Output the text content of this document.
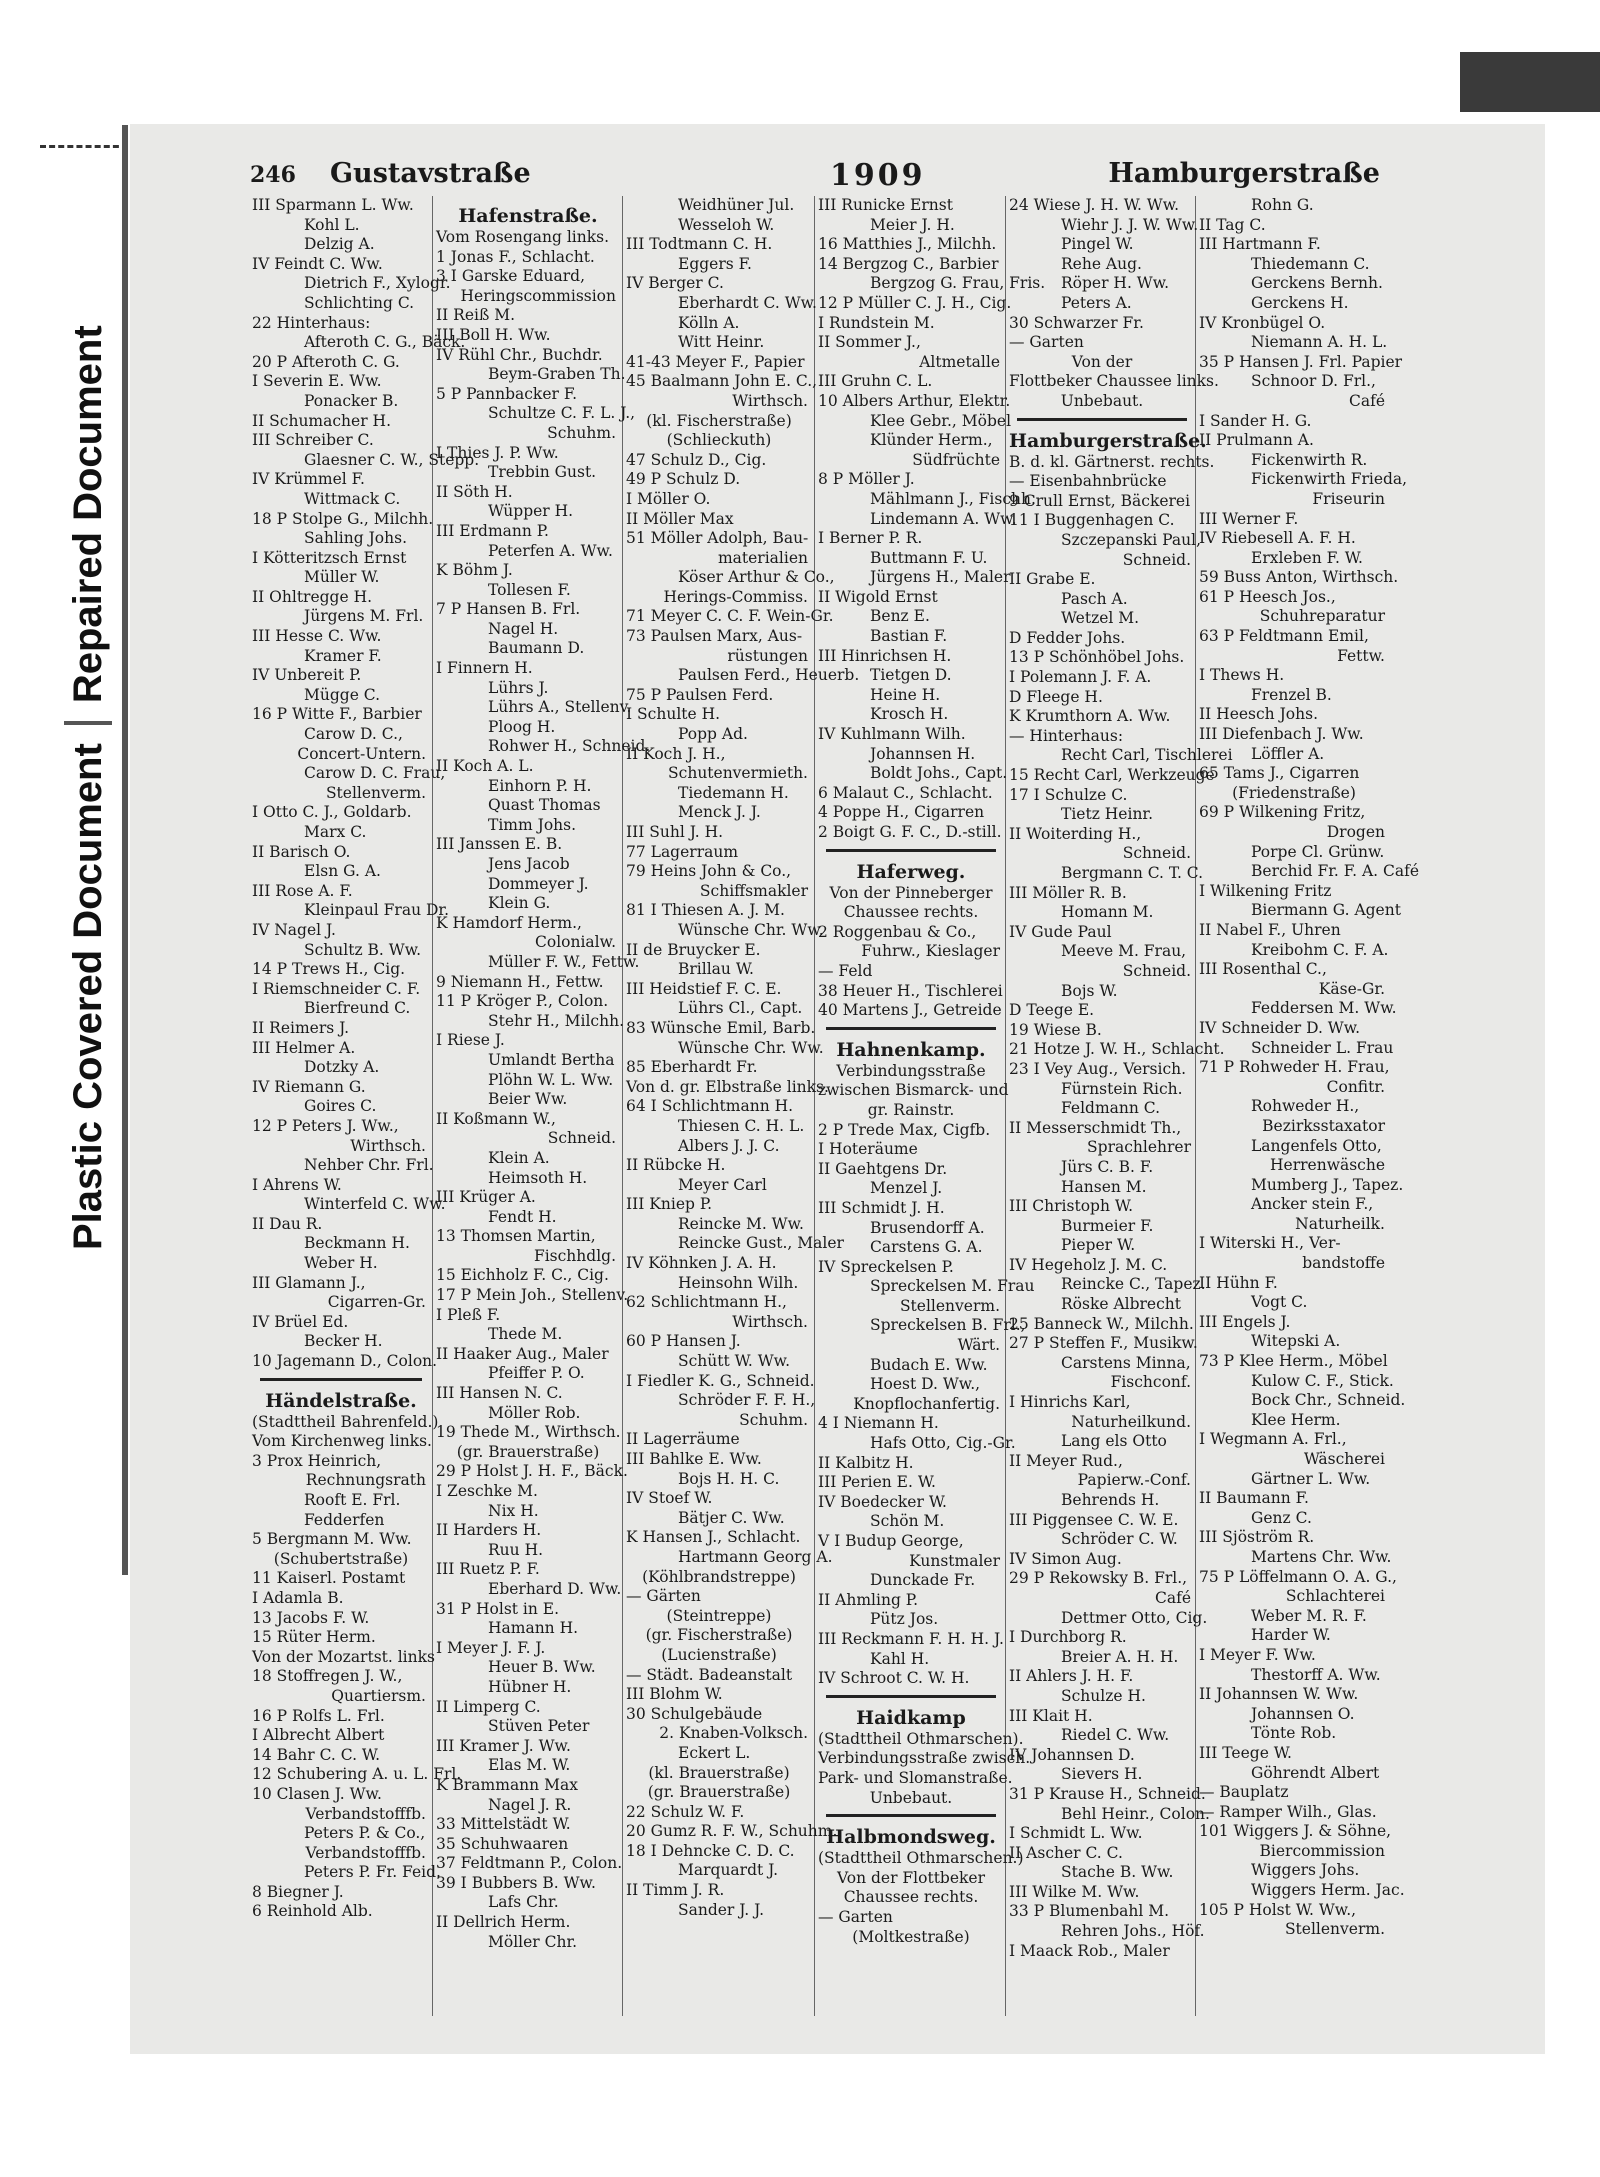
Plastic Covered Document
Repaired Document
246 Gustavstraße	1909	Hamburgerstraße
III Sparmann L. Ww.
Kohl L.
Delzig A.
IV Feindt C. Ww.
Dietrich F., Xylogr.
Schlichting C.
22 Hinterhaus:
Afteroth C. G., Bäck.
20 P Afteroth C. G.
I Severin E. Ww.
Ponacker B.
II Schumacher H.
III Schreiber C.
Glaesner C. W., Stepp.
IV Krümmel F.
Wittmack C.
18 P Stolpe G., Milchh.
Sahling Johs.
I Kötteritzsch Ernst
Müller W.
II Ohltregge H.
Jürgens M. Frl.
III Hesse C. Ww.
Kramer F.
IV Unbereit P.
Mügge C.
16 P Witte F., Barbier
Carow D. C.,
Concert-Untern.
Carow D. C. Frau,
Stellenverm.
I Otto C. J., Goldarb.
Marx C.
II Barisch O.
Elsn G. A.
III Rose A. F.
Kleinpaul Frau Dr.
IV Nagel J.
Schultz B. Ww.
14 P Trews H., Cig.
I Riemschneider C. F.
Bierfreund C.
II Reimers J.
III Helmer A.
Dotzky A.
IV Riemann G.
Goires C.
12 P Peters J. Ww.,
Wirthsch.
Nehber Chr. Frl.
I Ahrens W.
Winterfeld C. Ww.
II Dau R.
Beckmann H.
Weber H.
III Glamann J.,
Cigarren-Gr.
IV Brüel Ed.
Becker H.
10 Jagemann D., Colon.
Händelstraße.
(Stadttheil Bahrenfeld.)
Vom Kirchenweg links.
3 Prox Heinrich,
Rechnungsrath
Rooft E. Frl.
Fedderfen
5 Bergmann M. Ww.
(Schubertstraße)
11 Kaiserl. Postamt
I Adamla B.
13 Jacobs F. W.
15 Rüter Herm.
Von der Mozartst. links
18 Stoffregen J. W.,
Quartiersm.
16 P Rolfs L. Frl.
I Albrecht Albert
14 Bahr C. C. W.
12 Schubering A. u. L. Frl.
10 Clasen J. Ww.
Verbandstofffb.
Peters P. & Co.,
Verbandstofffb.
Peters P. Fr. Feid.
8 Biegner J.
6 Reinhold Alb.
Hafenstraße.
Vom Rosengang links.
1 Jonas F., Schlacht.
3 I Garske Eduard,
Heringscommission
II Reiß M.
III Boll H. Ww.
IV Rühl Chr., Buchdr.
Beym-Graben Th.
5 P Pannbacker F.
Schultze C. F. L. J.,
Schuhm.
I Thies J. P. Ww.
Trebbin Gust.
II Söth H.
Wüpper H.
III Erdmann P.
Peterfen A. Ww.
K Böhm J.
Tollesen F.
7 P Hansen B. Frl.
Nagel H.
Baumann D.
I Finnern H.
Lührs J.
Lührs A., Stellenv.
Ploog H.
Rohwer H., Schneid.
II Koch A. L.
Einhorn P. H.
Quast Thomas
Timm Johs.
III Janssen E. B.
Jens Jacob
Dommeyer J.
Klein G.
K Hamdorf Herm.,
Colonialw.
Müller F. W., Fettw.
9 Niemann H., Fettw.
11 P Kröger P., Colon.
Stehr H., Milchh.
I Riese J.
Umlandt Bertha
Plöhn W. L. Ww.
Beier Ww.
II Koßmann W.,
Schneid.
Klein A.
Heimsoth H.
III Krüger A.
Fendt H.
13 Thomsen Martin,
Fischhdlg.
15 Eichholz F. C., Cig.
17 P Mein Joh., Stellenv.
I Pleß F.
Thede M.
II Haaker Aug., Maler
Pfeiffer P. O.
III Hansen N. C.
Möller Rob.
19 Thede M., Wirthsch.
(gr. Brauerstraße)
29 P Holst J. H. F., Bäck.
I Zeschke M.
Nix H.
II Harders H.
Ruu H.
III Ruetz P. F.
Eberhard D. Ww.
31 P Holst in E.
Hamann H.
I Meyer J. F. J.
Heuer B. Ww.
Hübner H.
II Limperg C.
Stüven Peter
III Kramer J. Ww.
Elas M. W.
K Brammann Max
Nagel J. R.
33 Mittelstädt W.
35 Schuhwaaren
37 Feldtmann P., Colon.
39 I Bubbers B. Ww.
Lafs Chr.
II Dellrich Herm.
Möller Chr.
Weidhüner Jul.
Wesseloh W.
III Todtmann C. H.
Eggers F.
IV Berger C.
Eberhardt C. Ww.
Kölln A.
Witt Heinr.
41-43 Meyer F., Papier
45 Baalmann John E. C.,
Wirthsch.
(kl. Fischerstraße)
(Schlieckuth)
47 Schulz D., Cig.
49 P Schulz D.
I Möller O.
II Möller Max
51 Möller Adolph, Bau-
materialien
Köser Arthur & Co.,
Herings-Commiss.
71 Meyer C. C. F. Wein-Gr.
73 Paulsen Marx, Aus-
rüstungen
Paulsen Ferd., Heuerb.
75 P Paulsen Ferd.
I Schulte H.
Popp Ad.
II Koch J. H.,
Schutenvermieth.
Tiedemann H.
Menck J. J.
III Suhl J. H.
77 Lagerraum
79 Heins John & Co.,
Schiffsmakler
81 I Thiesen A. J. M.
Wünsche Chr. Ww.
II de Bruycker E.
Brillau W.
III Heidstief F. C. E.
Lührs Cl., Capt.
83 Wünsche Emil, Barb.
Wünsche Chr. Ww.
85 Eberhardt Fr.
Von d. gr. Elbstraße links.
64 I Schlichtmann H.
Thiesen C. H. L.
Albers J. J. C.
II Rübcke H.
Meyer Carl
III Kniep P.
Reincke M. Ww.
Reincke Gust., Maler
IV Köhnken J. A. H.
Heinsohn Wilh.
62 Schlichtmann H.,
Wirthsch.
60 P Hansen J.
Schütt W. Ww.
I Fiedler K. G., Schneid.
Schröder F. F. H.,
Schuhm.
II Lagerräume
III Bahlke E. Ww.
Bojs H. H. C.
IV Stoef W.
Bätjer C. Ww.
K Hansen J., Schlacht.
Hartmann Georg A.
(Köhlbrandstreppe)
— Gärten
(Steintreppe)
(gr. Fischerstraße)
(Lucienstraße)
— Städt. Badeanstalt
III Blohm W.
30 Schulgebäude
2. Knaben-Volksch.
Eckert L.
(kl. Brauerstraße)
(gr. Brauerstraße)
22 Schulz W. F.
20 Gumz R. F. W., Schuhm.
18 I Dehncke C. D. C.
Marquardt J.
II Timm J. R.
Sander J. J.
III Runicke Ernst
Meier J. H.
16 Matthies J., Milchh.
14 Bergzog C., Barbier
Bergzog G. Frau, Fris.
12 P Müller C. J. H., Cig.
I Rundstein M.
II Sommer J.,
Altmetalle
III Gruhn C. L.
10 Albers Arthur, Elektr.
Klee Gebr., Möbel
Klünder Herm.,
Südfrüchte
8 P Möller J.
Mählmann J., Fischh.
Lindemann A. Ww.
I Berner P. R.
Buttmann F. U.
Jürgens H., Maler
II Wigold Ernst
Benz E.
Bastian F.
III Hinrichsen H.
Tietgen D.
Heine H.
Krosch H.
IV Kuhlmann Wilh.
Johannsen H.
Boldt Johs., Capt.
6 Malaut C., Schlacht.
4 Poppe H., Cigarren
2 Boigt G. F. C., D.-still.
Haferweg.
Von der Pinneberger
Chaussee rechts.
2 Roggenbau & Co.,
Fuhrw., Kieslager
— Feld
38 Heuer H., Tischlerei
40 Martens J., Getreide
Hahnenkamp.
Verbindungsstraße
zwischen Bismarck- und
gr. Rainstr.
2 P Trede Max, Cigfb.
I Hoteräume
II Gaehtgens Dr.
Menzel J.
III Schmidt J. H.
Brusendorff A.
Carstens G. A.
IV Spreckelsen P.
Spreckelsen M. Frau
Stellenverm.
Spreckelsen B. Frl.,
Wärt.
Budach E. Ww.
Hoest D. Ww.,
Knopflochanfertig.
4 I Niemann H.
Hafs Otto, Cig.-Gr.
II Kalbitz H.
III Perien E. W.
IV Boedecker W.
Schön M.
V I Budup George,
Kunstmaler
Dunckade Fr.
II Ahmling P.
Pütz Jos.
III Reckmann F. H. H. J.
Kahl H.
IV Schroot C. W. H.
Haidkamp
(Stadttheil Othmarschen).
Verbindungsstraße zwisch.
Park- und Slomanstraße.
Unbebaut.
Halbmondsweg.
(Stadttheil Othmarschen.)
Von der Flottbeker
Chaussee rechts.
— Garten
(Moltkestraße)
24 Wiese J. H. W. Ww.
Wiehr J. J. W. Ww.
Pingel W.
Rehe Aug.
Röper H. Ww.
Peters A.
30 Schwarzer Fr.
— Garten
Von der
Flottbeker Chaussee links.
Unbebaut.
Hamburgerstraße.
B. d. kl. Gärtnerst. rechts.
— Eisenbahnbrücke
9 Crull Ernst, Bäckerei
11 I Buggenhagen C.
Szczepanski Paul,
Schneid.
II Grabe E.
Pasch A.
Wetzel M.
D Fedder Johs.
13 P Schönhöbel Johs.
I Polemann J. F. A.
D Fleege H.
K Krumthorn A. Ww.
— Hinterhaus:
Recht Carl, Tischlerei
15 Recht Carl, Werkzeuge
17 I Schulze C.
Tietz Heinr.
II Woiterding H.,
Schneid.
Bergmann C. T. C.
III Möller R. B.
Homann M.
IV Gude Paul
Meeve M. Frau,
Schneid.
Bojs W.
D Teege E.
19 Wiese B.
21 Hotze J. W. H., Schlacht.
23 I Vey Aug., Versich.
Fürnstein Rich.
Feldmann C.
II Messerschmidt Th.,
Sprachlehrer
Jürs C. B. F.
Hansen M.
III Christoph W.
Burmeier F.
Pieper W.
IV Hegeholz J. M. C.
Reincke C., Tapez.
Röske Albrecht
25 Banneck W., Milchh.
27 P Steffen F., Musikw.
Carstens Minna,
Fischconf.
I Hinrichs Karl,
Naturheilkund.
Lang els Otto
II Meyer Rud.,
Papierw.-Conf.
Behrends H.
III Piggensee C. W. E.
Schröder C. W.
IV Simon Aug.
29 P Rekowsky B. Frl.,
Café
Dettmer Otto, Cig.
I Durchborg R.
Breier A. H. H.
II Ahlers J. H. F.
Schulze H.
III Klait H.
Riedel C. Ww.
IV Johannsen D.
Sievers H.
31 P Krause H., Schneid.
Behl Heinr., Colon.
I Schmidt L. Ww.
II Ascher C. C.
Stache B. Ww.
III Wilke M. Ww.
33 P Blumenbahl M.
Rehren Johs., Höf.
I Maack Rob., Maler
Rohn G.
II Tag C.
III Hartmann F.
Thiedemann C.
Gerckens Bernh.
Gerckens H.
IV Kronbügel O.
Niemann A. H. L.
35 P Hansen J. Frl. Papier
Schnoor D. Frl.,
Café
I Sander H. G.
II Prulmann A.
Fickenwirth R.
Fickenwirth Frieda,
Friseurin
III Werner F.
IV Riebesell A. F. H.
Erxleben F. W.
59 Buss Anton, Wirthsch.
61 P Heesch Jos.,
Schuhreparatur
63 P Feldtmann Emil,
Fettw.
I Thews H.
Frenzel B.
II Heesch Johs.
III Diefenbach J. Ww.
Löffler A.
65 Tams J., Cigarren
(Friedenstraße)
69 P Wilkening Fritz,
Drogen
Porpe Cl. Grünw.
Berchid Fr. F. A. Café
I Wilkening Fritz
Biermann G. Agent
II Nabel F., Uhren
Kreibohm C. F. A.
III Rosenthal C.,
Käse-Gr.
Feddersen M. Ww.
IV Schneider D. Ww.
Schneider L. Frau
71 P Rohweder H. Frau,
Confitr.
Rohweder H.,
Bezirksstaxator
Langenfels Otto,
Herrenwäsche
Mumberg J., Tapez.
Ancker stein F.,
Naturheilk.
I Witerski H., Ver-
bandstoffe
II Hühn F.
Vogt C.
III Engels J.
Witepski A.
73 P Klee Herm., Möbel
Kulow C. F., Stick.
Bock Chr., Schneid.
Klee Herm.
I Wegmann A. Frl.,
Wäscherei
Gärtner L. Ww.
II Baumann F.
Genz C.
III Sjöström R.
Martens Chr. Ww.
75 P Löffelmann O. A. G.,
Schlachterei
Weber M. R. F.
Harder W.
I Meyer F. Ww.
Thestorff A. Ww.
II Johannsen W. Ww.
Johannsen O.
Tönte Rob.
III Teege W.
Göhrendt Albert
— Bauplatz
— Ramper Wilh., Glas.
101 Wiggers J. & Söhne,
Biercommission
Wiggers Johs.
Wiggers Herm. Jac.
105 P Holst W. Ww.,
Stellenverm.
